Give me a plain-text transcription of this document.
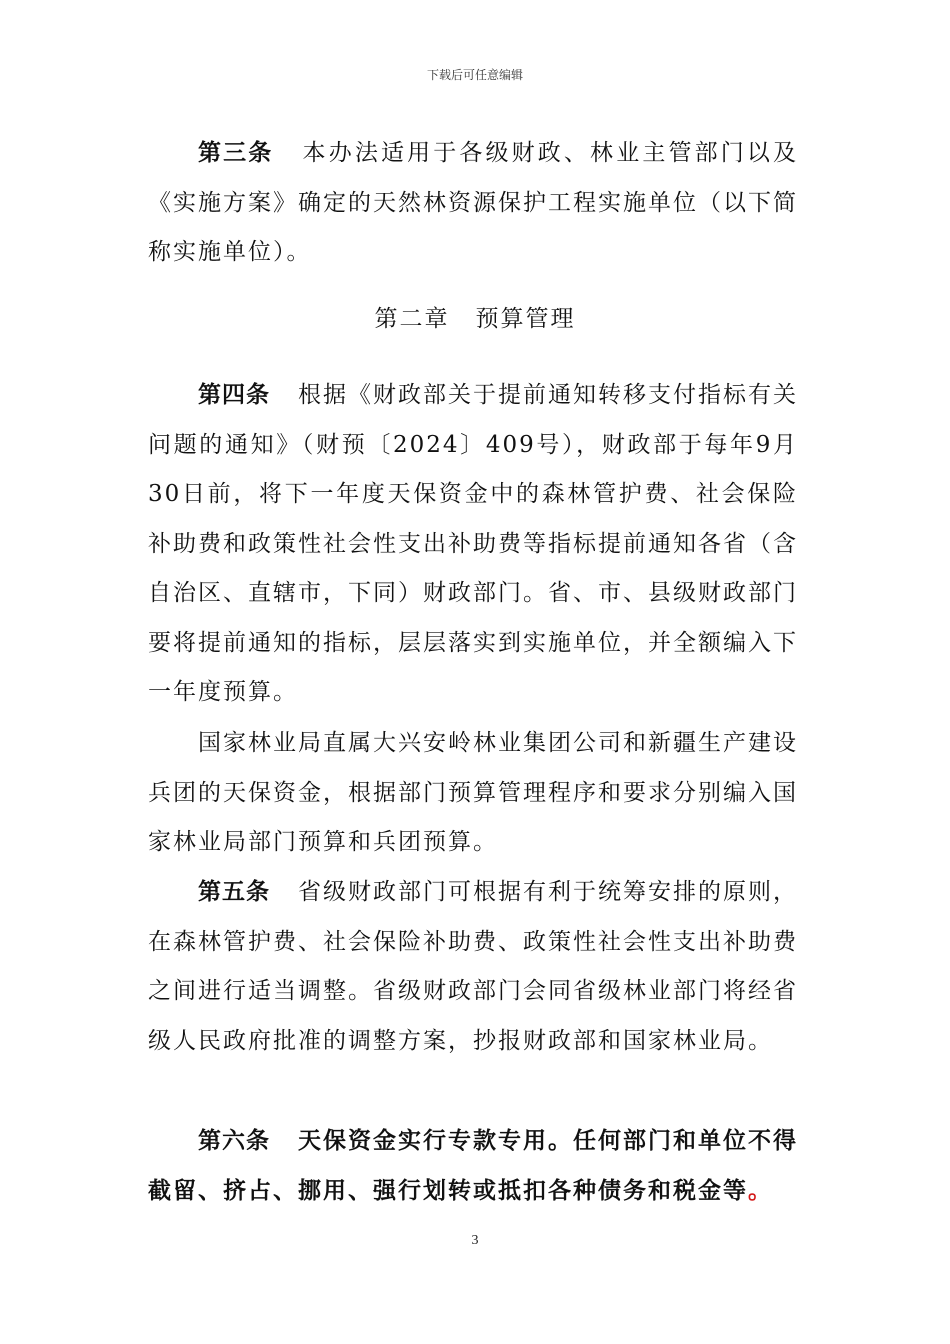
下载后可任意编辑
第三条 本办法适用于各级财政、林业主管部门以及《实施方案》确定的天然林资源保护工程实施单位（以下简称实施单位）。
第二章 预算管理
第四条 根据《财政部关于提前通知转移支付指标有关问题的通知》（财预〔2024〕409号），财政部于每年9月30日前，将下一年度天保资金中的森林管护费、社会保险补助费和政策性社会性支出补助费等指标提前通知各省（含自治区、直辖市，下同）财政部门。省、市、县级财政部门要将提前通知的指标，层层落实到实施单位，并全额编入下一年度预算。
国家林业局直属大兴安岭林业集团公司和新疆生产建设兵团的天保资金，根据部门预算管理程序和要求分别编入国家林业局部门预算和兵团预算。
第五条 省级财政部门可根据有利于统筹安排的原则，在森林管护费、社会保险补助费、政策性社会性支出补助费之间进行适当调整。省级财政部门会同省级林业部门将经省级人民政府批准的调整方案，抄报财政部和国家林业局。
第六条 天保资金实行专款专用。任何部门和单位不得截留、挤占、挪用、强行划转或抵扣各种债务和税金等。
3
